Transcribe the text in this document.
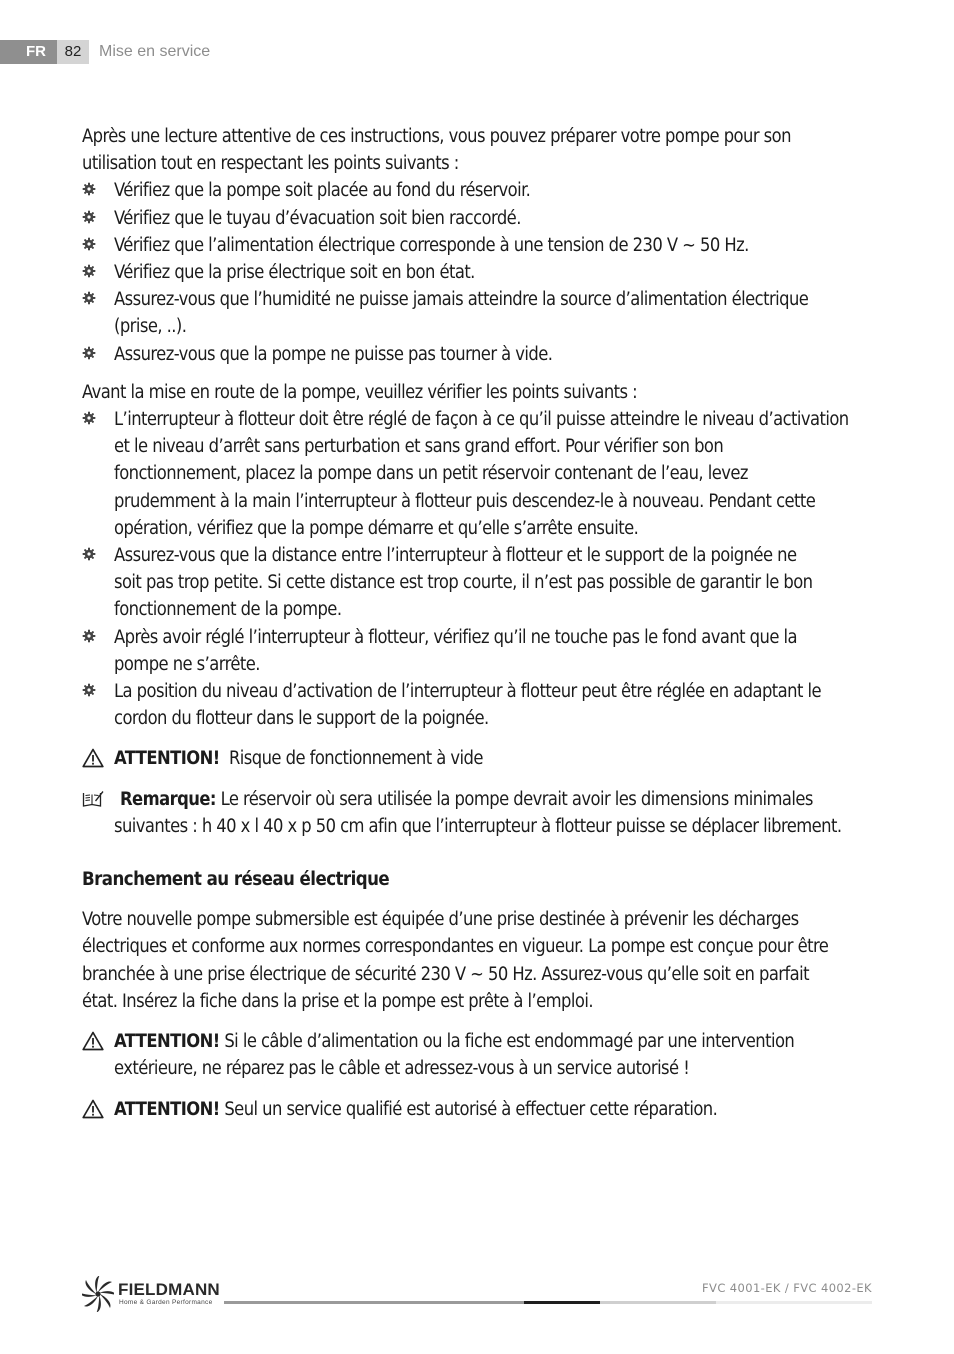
FR	82	Mise en service

Après une lecture attentive de ces instructions, vous pouvez préparer votre pompe pour son
utilisation tout en respectant les points suivants :

Vérifiez que la pompe soit placée au fond du réservoir.
Vérifiez que le tuyau d’évacuation soit bien raccordé.
Vérifiez que l’alimentation électrique corresponde à une tension de 230 V ~ 50 Hz.
Vérifiez que la prise électrique soit en bon état.
Assurez-vous que l’humidité ne puisse jamais atteindre la source d’alimentation électrique
(prise, ..).
Assurez-vous que la pompe ne puisse pas tourner à vide.

Avant la mise en route de la pompe, veuillez vérifier les points suivants :

L’interrupteur à flotteur doit être réglé de façon à ce qu’il puisse atteindre le niveau d’activation
et le niveau d’arrêt sans perturbation et sans grand effort. Pour vérifier son bon
fonctionnement, placez la pompe dans un petit réservoir contenant de l’eau, levez
prudemment à la main l’interrupteur à flotteur puis descendez-le à nouveau. Pendant cette
opération, vérifiez que la pompe démarre et qu’elle s’arrête ensuite.
Assurez-vous que la distance entre l’interrupteur à flotteur et le support de la poignée ne
soit pas trop petite. Si cette distance est trop courte, il n’est pas possible de garantir le bon
fonctionnement de la pompe.
Après avoir réglé l’interrupteur à flotteur, vérifiez qu’il ne touche pas le fond avant que la
pompe ne s’arrête.
La position du niveau d’activation de l’interrupteur à flotteur peut être réglée en adaptant le
cordon du flotteur dans le support de la poignée.
ATTENTION! Risque de fonctionnement à vide
Remarque: Le réservoir où sera utilisée la pompe devrait avoir les dimensions minimales
suivantes : h 40 x l 40 x p 50 cm afin que l’interrupteur à flotteur puisse se déplacer librement.

Branchement au réseau électrique

Votre nouvelle pompe submersible est équipée d’une prise destinée à prévenir les décharges
électriques et conforme aux normes correspondantes en vigueur. La pompe est conçue pour être
branchée à une prise électrique de sécurité 230 V ~ 50 Hz. Assurez-vous qu’elle soit en parfait
état. Insérez la fiche dans la prise et la pompe est prête à l’emploi.

ATTENTION! Si le câble d’alimentation ou la fiche est endommagé par une intervention
extérieure, ne réparez pas le câble et adressez-vous à un service autorisé !
ATTENTION! Seul un service qualifié est autorisé à effectuer cette réparation.
FIELDMANN
Home & Garden Performance
FVC 4001-EK / FVC 4002-EK
